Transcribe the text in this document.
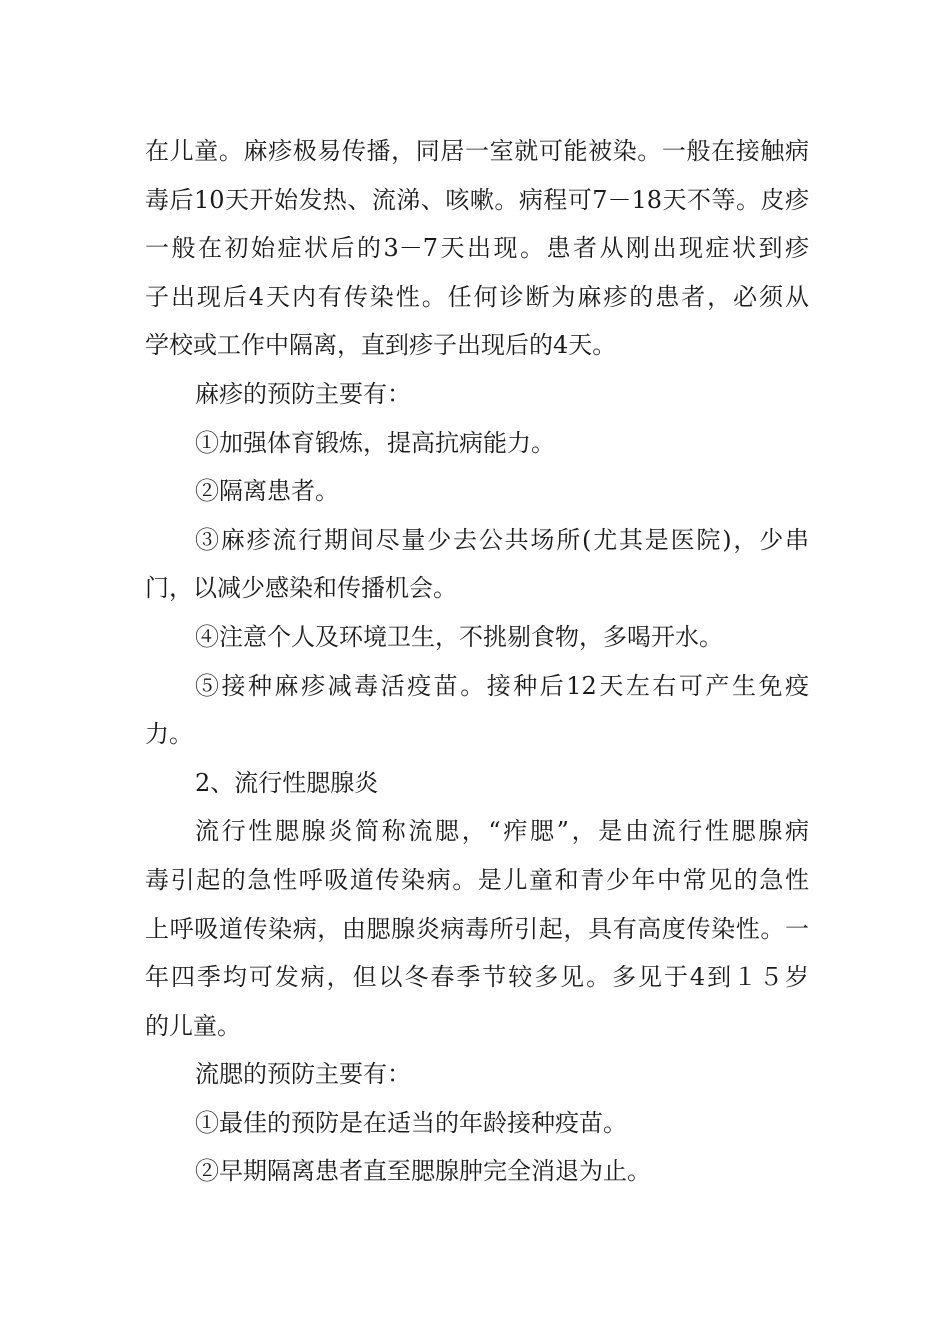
在儿童。麻疹极易传播，同居一室就可能被染。一般在接触病
毒后10天开始发热、流涕、咳嗽。病程可7－18天不等。皮疹
一般在初始症状后的3－7天出现。患者从刚出现症状到疹
子出现后4天内有传染性。任何诊断为麻疹的患者，必须从
学校或工作中隔离，直到疹子出现后的4天。
麻疹的预防主要有：
①加强体育锻炼，提高抗病能力。
②隔离患者。
③麻疹流行期间尽量少去公共场所(尤其是医院)，少串
门，以减少感染和传播机会。
④注意个人及环境卫生，不挑剔食物，多喝开水。
⑤接种麻疹减毒活疫苗。接种后12天左右可产生免疫
力。
2、流行性腮腺炎
流行性腮腺炎简称流腮，“痄腮”，是由流行性腮腺病
毒引起的急性呼吸道传染病。是儿童和青少年中常见的急性
上呼吸道传染病，由腮腺炎病毒所引起，具有高度传染性。一
年四季均可发病，但以冬春季节较多见。多见于4到１５岁
的儿童。
流腮的预防主要有：
①最佳的预防是在适当的年龄接种疫苗。
②早期隔离患者直至腮腺肿完全消退为止。
